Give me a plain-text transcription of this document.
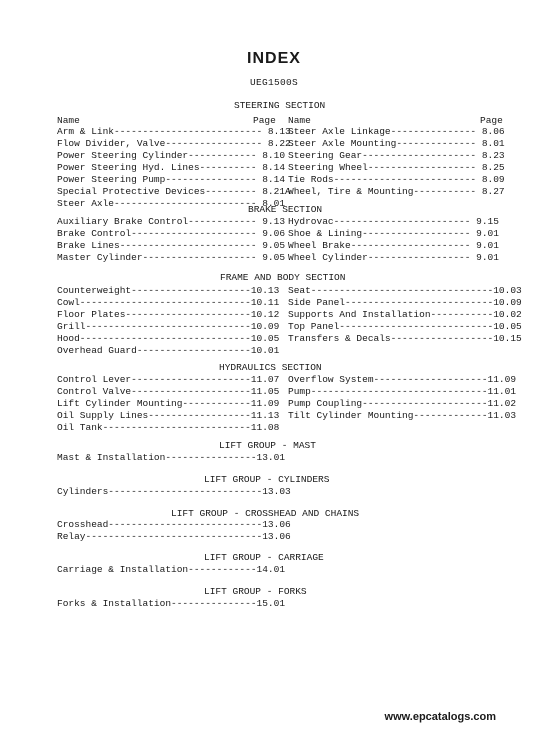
INDEX
UEG1500S
STEERING SECTION
Name	Page Name	Page
Arm & Link-------------------------- 8.13
Flow Divider, Valve----------------- 8.22
Power Steering Cylinder------------ 8.10
Power Steering Hyd. Lines---------- 8.14
Power Steering Pump---------------- 8.14
Special Protective Devices--------- 8.21A
Steer Axle------------------------- 8.01
Steer Axle Linkage--------------- 8.06
Steer Axle Mounting-------------- 8.01
Steering Gear-------------------- 8.23
Steering Wheel------------------- 8.25
Tie Rods------------------------- 8.09
Wheel, Tire & Mounting----------- 8.27
BRAKE SECTION
Auxiliary Brake Control------------ 9.13
Brake Control---------------------- 9.06
Brake Lines------------------------ 9.05
Master Cylinder-------------------- 9.05
Hydrovac------------------------ 9.15
Shoe & Lining------------------- 9.01
Wheel Brake--------------------- 9.01
Wheel Cylinder------------------ 9.01
FRAME AND BODY SECTION
Counterweight---------------------10.13
Cowl------------------------------10.11
Floor Plates----------------------10.12
Grill-----------------------------10.09
Hood------------------------------10.05
Overhead Guard--------------------10.01
Seat--------------------------------10.03
Side Panel--------------------------10.09
Supports And Installation-----------10.02
Top Panel---------------------------10.05
Transfers & Decals------------------10.15
HYDRAULICS SECTION
Control Lever---------------------11.07
Control Valve---------------------11.05
Lift Cylinder Mounting------------11.09
Oil Supply Lines------------------11.13
Oil Tank--------------------------11.08
Overflow System--------------------11.09
Pump-------------------------------11.01
Pump Coupling----------------------11.02
Tilt Cylinder Mounting-------------11.03
LIFT GROUP - MAST
Mast & Installation----------------13.01
LIFT GROUP - CYLINDERS
Cylinders---------------------------13.03
LIFT GROUP - CROSSHEAD AND CHAINS
Crosshead---------------------------13.06
Relay-------------------------------13.06
LIFT GROUP - CARRIAGE
Carriage & Installation------------14.01
LIFT GROUP - FORKS
Forks & Installation---------------15.01
www.epcatalogs.com
